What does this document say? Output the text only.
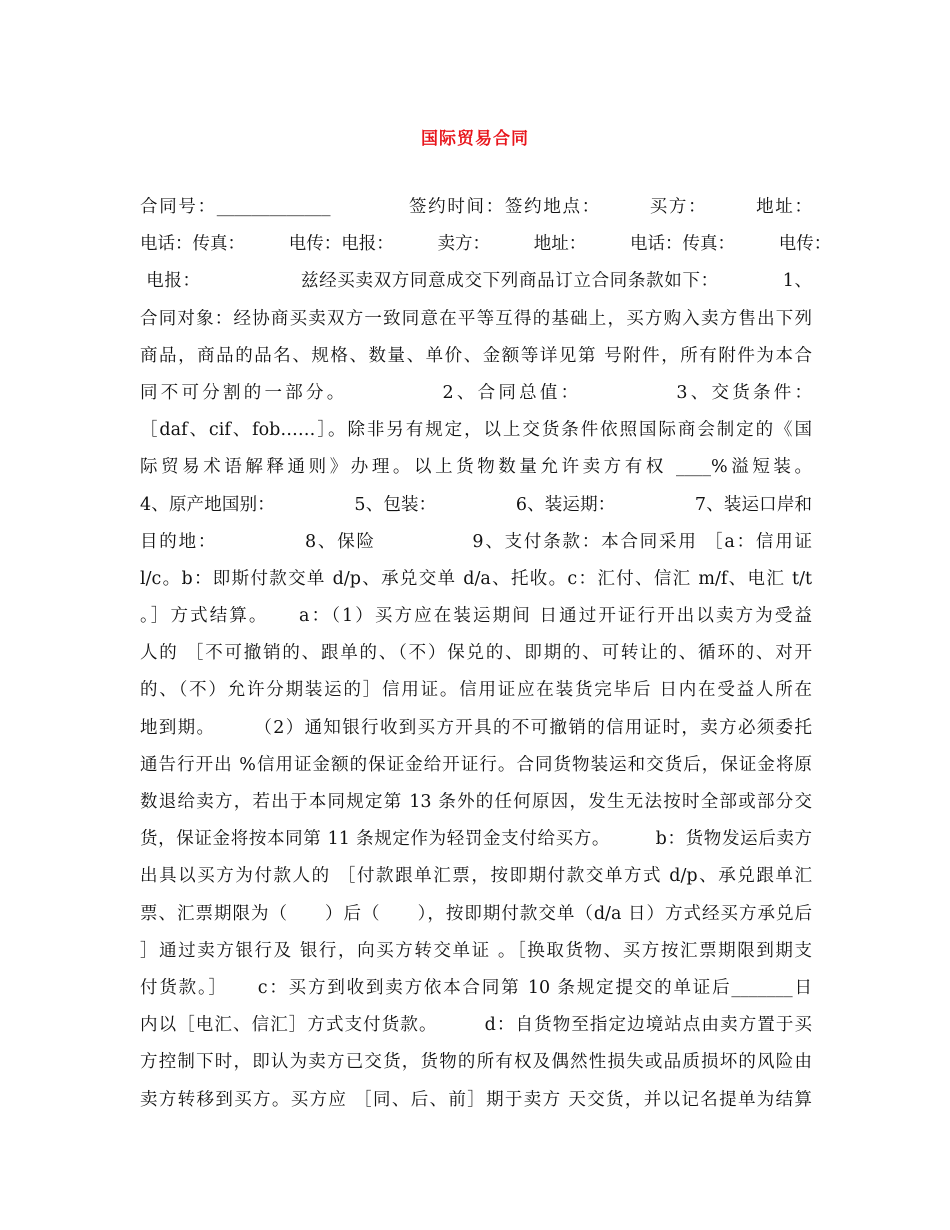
国际贸易合同
合同号：_____________　　　　签约时间：签约地点：　　　买方：　　　地址：
电话：传真：　　　电传：电报：　　　卖方：　　　地址：　　　电话：传真：　　　电传：
电报：　　　　　　兹经买卖双方同意成交下列商品订立合同条款如下：　　　　1、
合同对象：经协商买卖双方一致同意在平等互得的基础上，买方购入卖方售出下列
商品，商品的品名、规格、数量、单价、金额等详见第 号附件，所有附件为本合
同不可分割的一部分。　　　　　2、合同总值：　　　　　3、交货条件：
［daf、cif、fob……］。除非另有规定，以上交货条件依照国际商会制定的《国
际贸易术语解释通则》办理。以上货物数量允许卖方有权 ____%溢短装。
4、原产地国别：　　　　　5、包装：　　　　　6、装运期：　　　　　7、装运口岸和
目的地：　　　　　8、保险　　　　　9、支付条款：本合同采用 ［a：信用证
l/c。b：即斯付款交单 d/p、承兑交单 d/a、托收。c：汇付、信汇 m/f、电汇 t/t
。］方式结算。　　a：（1）买方应在装运期间 日通过开证行开出以卖方为受益
人的 ［不可撤销的、跟单的、（不）保兑的、即期的、可转让的、循环的、对开
的、（不）允许分期装运的］信用证。信用证应在装货完毕后 日内在受益人所在
地到期。　　　（2）通知银行收到买方开具的不可撤销的信用证时，卖方必须委托
通告行开出 %信用证金额的保证金给开证行。合同货物装运和交货后，保证金将原
数退给卖方，若出于本同规定第 13 条外的任何原因，发生无法按时全部或部分交
货，保证金将按本同第 11 条规定作为轻罚金支付给买方。　　　b：货物发运后卖方
出具以买方为付款人的 ［付款跟单汇票，按即期付款交单方式 d/p、承兑跟单汇
票、汇票期限为（　　）后（　　），按即期付款交单（d/a 日）方式经买方承兑后
］通过卖方银行及 银行，向买方转交单证 。［换取货物、买方按汇票期限到期支
付货款。］　　c：买方到收到卖方依本合同第 10 条规定提交的单证后_______日
内以［电汇、信汇］方式支付货款。　　　d：自货物至指定边境站点由卖方置于买
方控制下时，即认为卖方已交货，货物的所有权及偶然性损失或品质损坏的风险由
卖方转移到买方。买方应 ［同、后、前］期于卖方 天交货，并以记名提单为结算
